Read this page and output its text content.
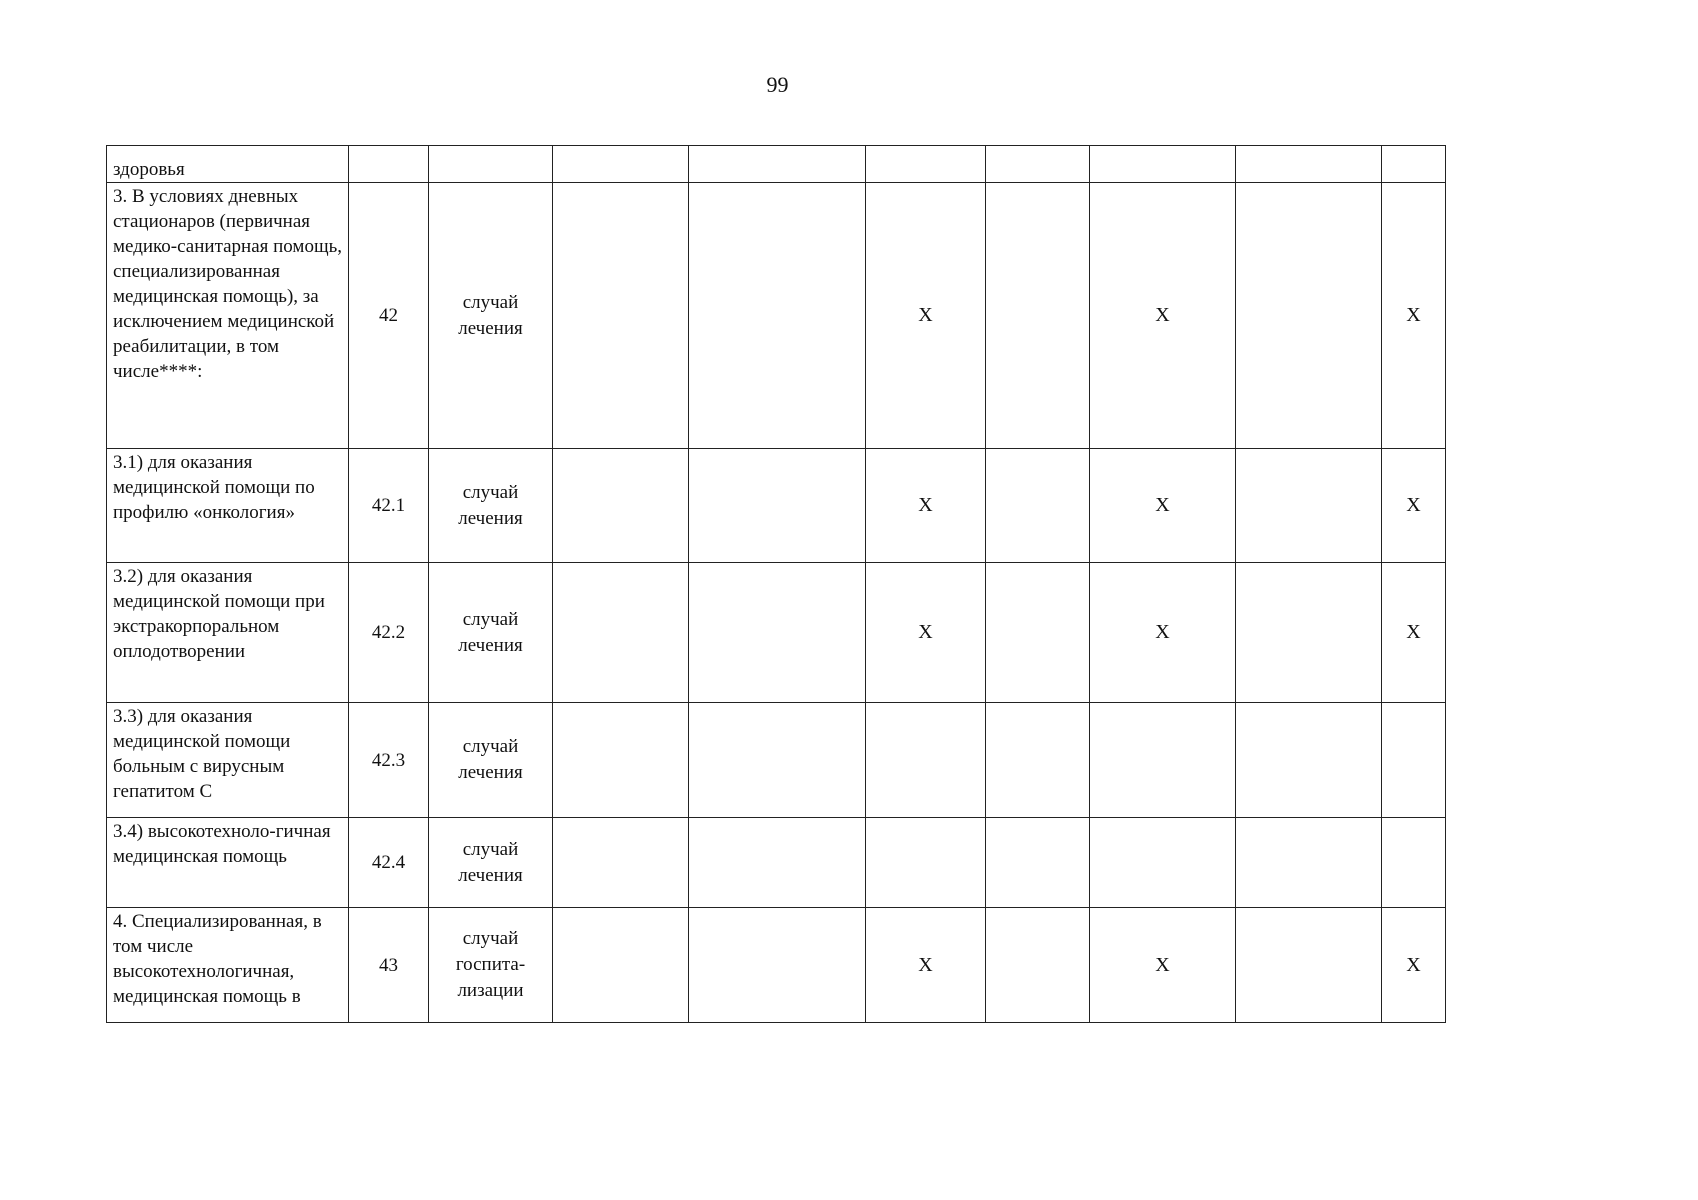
99
здоровья									
3. В условиях дневных стационаров (первичная медико-санитарная помощь, специализированная медицинская помощь), за исключением медицинской реабилитации, в том числе****:	42	случай лечения			X		X		X
3.1) для оказания медицинской помощи по профилю «онкология»	42.1	случай лечения			X		X		X
3.2) для оказания медицинской помощи при экстракорпоральном оплодотворении	42.2	случай лечения			X		X		X
3.3) для оказания медицинской помощи больным с вирусным гепатитом С	42.3	случай лечения							

3.4) высокотехноло-гичная медицинская помощь	42.4	случай лечения							

4. Специализированная, в том числе высокотехнологичная, медицинская помощь в	43	случай госпита-лизации			X		X		X
